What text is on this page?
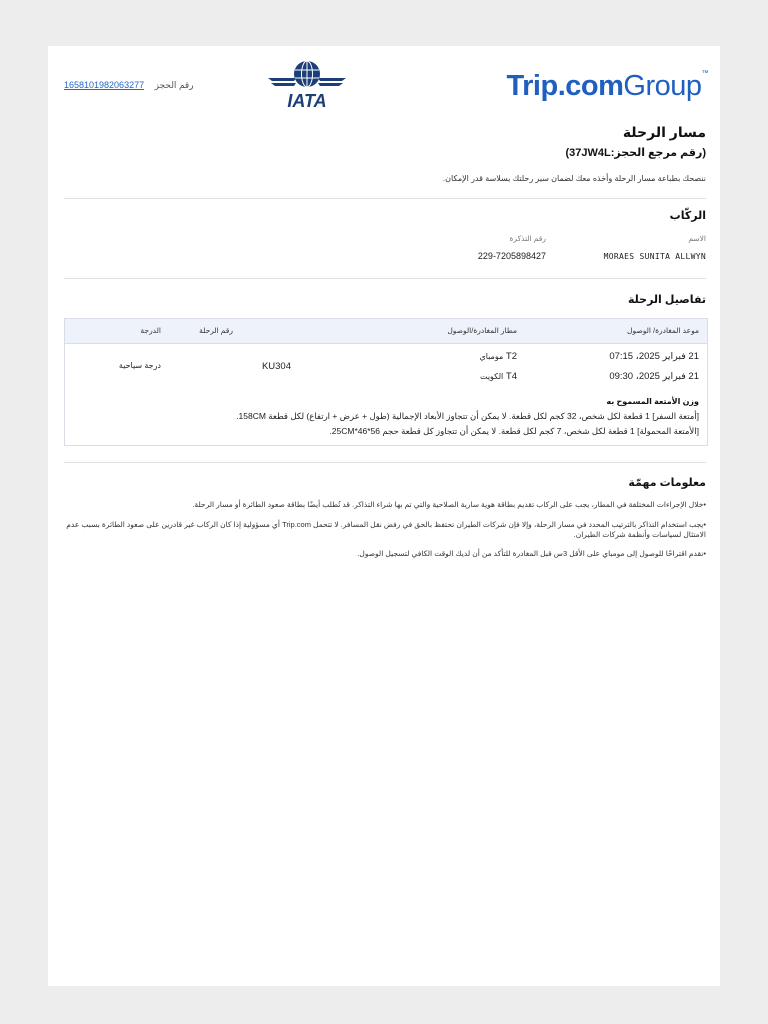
1658101982063277 رقم الحجز
IATA	Trip.comGroup™
مسار الرحلة
(رقم مرجع الحجز:37JW4L)
ننصحك بطباعة مسار الرحلة وأخذه معك لضمان سير رحلتك بسلاسة قدر الإمكان.
الركّاب
الاسم
رقم التذكرة
MORAES SUNITA ALLWYN
229-7205898427
تفاصيل الرحلة
موعد المغادرة/ الوصول
مطار المغادرة/الوصول
رقم الرحلة
الدرجة
21 فبراير 2025، 07:15
21 فبراير 2025، 09:30
مومباي T2
الكويت T4
KU304
درجة سياحية
وزن الأمتعة المسموح به
[أمتعة السفر] 1 قطعة لكل شخص، 32 كجم لكل قطعة. لا يمكن أن تتجاوز الأبعاد الإجمالية (طول + عرض + ارتفاع) لكل قطعة 158CM.
[الأمتعة المحمولة] 1 قطعة لكل شخص، 7 كجم لكل قطعة. لا يمكن أن تتجاوز كل قطعة حجم 56*46*25CM.
معلومات مهمّة
•خلال الإجراءات المختلفة في المطار، يجب على الركاب تقديم بطاقة هوية سارية الصلاحية والتي تم بها شراء التذاكر. قد تُطلب أيضًا بطاقة صعود الطائرة أو مسار الرحلة.
•يجب استخدام التذاكر بالترتيب المحدد في مسار الرحلة، وإلا فإن شركات الطيران تحتفظ بالحق في رفض نقل المسافر. لا تتحمل Trip.com أي مسؤولية إذا كان الركاب غير قادرين على صعود الطائرة بسبب عدم الامتثال لسياسات وأنظمة شركات الطيران.
•نقدم اقتراحًا للوصول إلى مومباي على الأقل 3س قبل المغادرة للتأكد من أن لديك الوقت الكافي لتسجيل الوصول.
